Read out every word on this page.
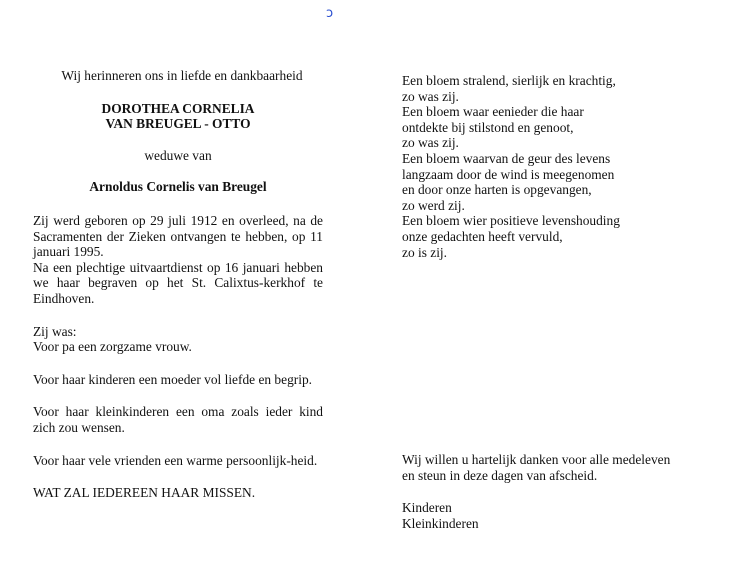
ɔ

Wij herinneren ons in liefde en dankbaarheid

DOROTHEA CORNELIA

VAN BREUGEL - OTTO

weduwe van

Arnoldus Cornelis van Breugel

Zij werd geboren op 29 juli 1912 en overleed, na de Sacramenten der Zieken ontvangen te hebben, op 11 januari 1995.

Na een plechtige uitvaartdienst op 16 januari hebben we haar begraven op het St. Calixtus-kerkhof te Eindhoven.

Zij was:

Voor pa een zorgzame vrouw.

Voor haar kinderen een moeder vol liefde en begrip.

Voor haar kleinkinderen een oma zoals ieder kind zich zou wensen.

Voor haar vele vrienden een warme persoonlijk-heid.

WAT ZAL IEDEREEN HAAR MISSEN.

Een bloem stralend, sierlijk en krachtig,
zo was zij.
Een bloem waar eenieder die haar
ontdekte bij stilstond en genoot,
zo was zij.
Een bloem waarvan de geur des levens
langzaam door de wind is meegenomen
en door onze harten is opgevangen,
zo werd zij.
Een bloem wier positieve levenshouding
onze gedachten heeft vervuld,
zo is zij.
Wij willen u hartelijk danken voor alle medeleven
en steun in deze dagen van afscheid.
Kinderen
Kleinkinderen
